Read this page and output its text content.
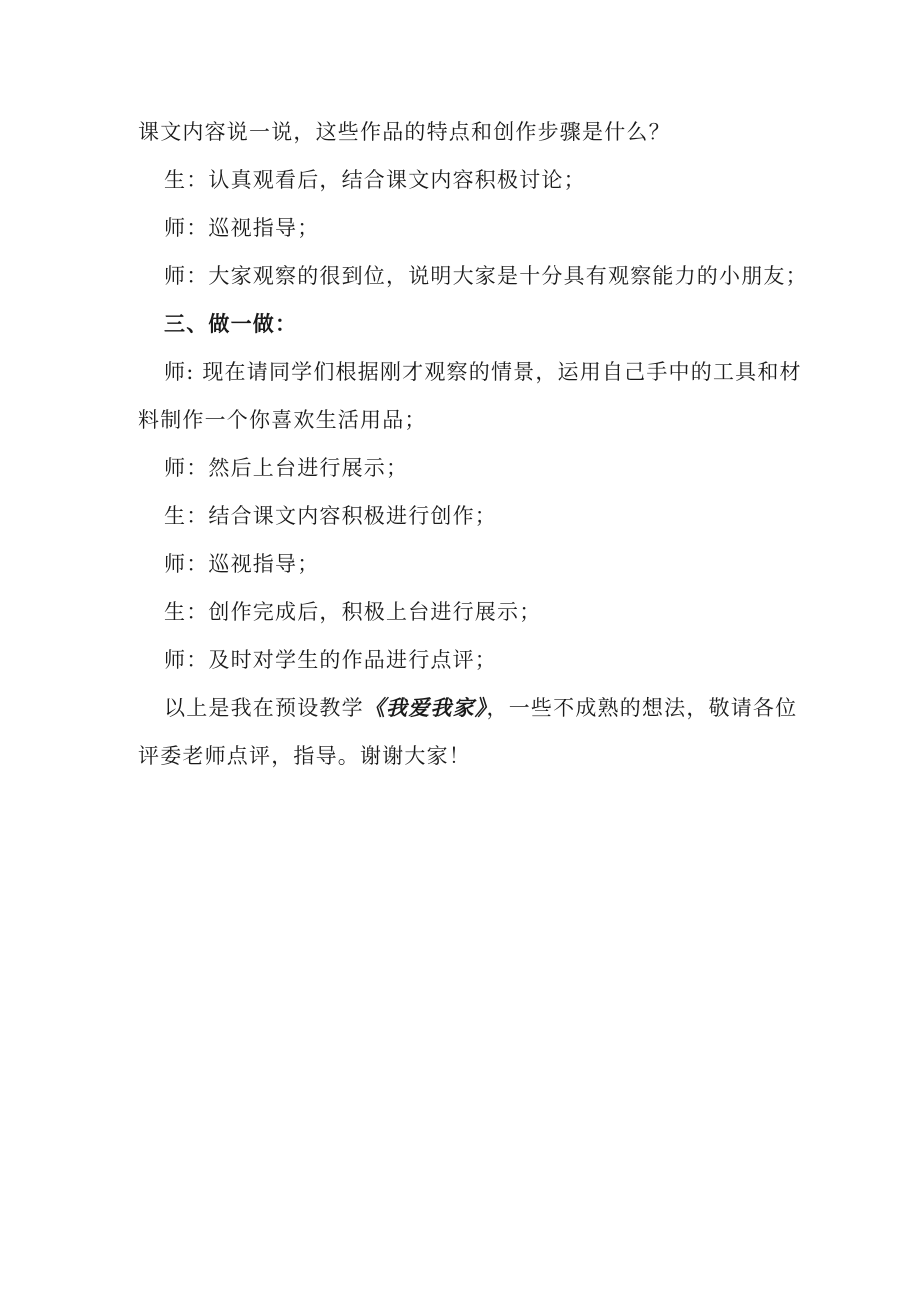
课文内容说一说，这些作品的特点和创作步骤是什么？

生：认真观看后，结合课文内容积极讨论；

师：巡视指导；

师：大家观察的很到位，说明大家是十分具有观察能力的小朋友；

三、做一做：

师: 现在请同学们根据刚才观察的情景，运用自己手中的工具和材

料制作一个你喜欢生活用品；

师：然后上台进行展示；

生：结合课文内容积极进行创作；

师：巡视指导；

生：创作完成后，积极上台进行展示；

师：及时对学生的作品进行点评；

以上是我在预设教学《我爱我家》，一些不成熟的想法，敬请各位

评委老师点评，指导。谢谢大家！
